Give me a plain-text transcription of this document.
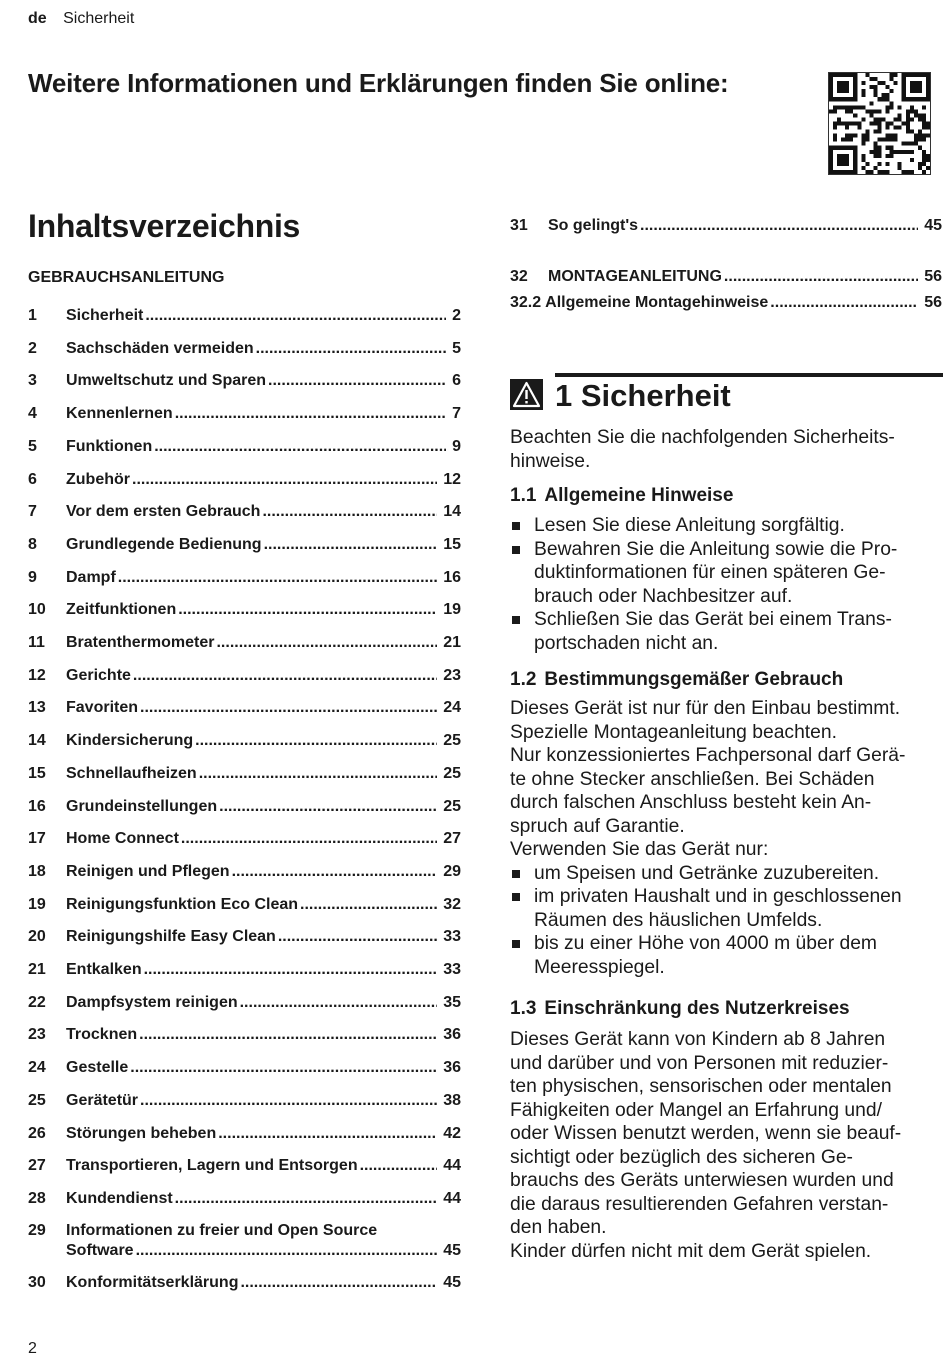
de Sicherheit
Weitere Informationen und Erklärungen finden Sie online:
Inhaltsverzeichnis
GEBRAUCHSANLEITUNG
1	Sicherheit .....	2
2	Sachschäden vermeiden .....	5
3	Umweltschutz und Sparen .....	6
4	Kennenlernen .....	7
5	Funktionen .....	9
6	Zubehör .....	12
7	Vor dem ersten Gebrauch .....	14
8	Grundlegende Bedienung .....	15
9	Dampf .....	16
10	Zeitfunktionen .....	19
11	Bratenthermometer .....	21
12	Gerichte .....	23
13	Favoriten .....	24
14	Kindersicherung .....	25
15	Schnellaufheizen .....	25
16	Grundeinstellungen .....	25
17	Home Connect .....	27
18	Reinigen und Pflegen .....	29
19	Reinigungsfunktion Eco Clean .....	32
20	Reinigungshilfe Easy Clean .....	33
21	Entkalken .....	33
22	Dampfsystem reinigen .....	35
23	Trocknen .....	36
24	Gestelle .....	36
25	Gerätetür .....	38
26	Störungen beheben .....	42
27	Transportieren, Lagern und Entsorgen .....	44
28	Kundendienst .....	44
29 Informationen zu freier und Open Source
Software .....	45
30	Konformitätserklärung .....	45
31	So gelingt's .....	45
32	MONTAGEANLEITUNG .....	56
32.2 Allgemeine Montagehinweise .....	56
1 Sicherheit
Beachten Sie die nachfolgenden Sicherheits-
hinweise.
1.1 Allgemeine Hinweise
Lesen Sie diese Anleitung sorgfältig.
Bewahren Sie die Anleitung sowie die Pro-
duktinformationen für einen späteren Ge-
brauch oder Nachbesitzer auf.
Schließen Sie das Gerät bei einem Trans-
portschaden nicht an.
1.2 Bestimmungsgemäßer Gebrauch
Dieses Gerät ist nur für den Einbau bestimmt.
Spezielle Montageanleitung beachten.
Nur konzessioniertes Fachpersonal darf Gerä-
te ohne Stecker anschließen. Bei Schäden
durch falschen Anschluss besteht kein An-
spruch auf Garantie.
Verwenden Sie das Gerät nur:
um Speisen und Getränke zuzubereiten.
im privaten Haushalt und in geschlossenen
Räumen des häuslichen Umfelds.
bis zu einer Höhe von 4000 m über dem
Meeresspiegel.
1.3 Einschränkung des Nutzerkreises
Dieses Gerät kann von Kindern ab 8 Jahren
und darüber und von Personen mit reduzier-
ten physischen, sensorischen oder mentalen
Fähigkeiten oder Mangel an Erfahrung und/
oder Wissen benutzt werden, wenn sie beauf-
sichtigt oder bezüglich des sicheren Ge-
brauchs des Geräts unterwiesen wurden und
die daraus resultierenden Gefahren verstan-
den haben.
Kinder dürfen nicht mit dem Gerät spielen.
2
